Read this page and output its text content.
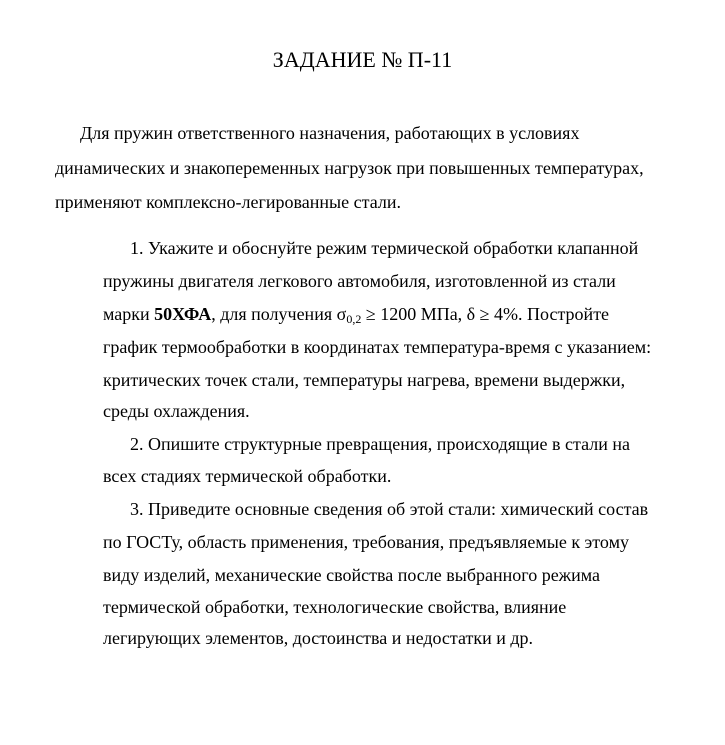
ЗАДАНИЕ № П-11
Для пружин ответственного назначения, работающих в условиях
динамических и знакопеременных нагрузок при повышенных температурах,
применяют комплексно-легированные стали.
1. Укажите и обоснуйте режим термической обработки клапанной
пружины двигателя легкового автомобиля, изготовленной из стали
марки 50ХФА, для получения $\sigma_{0,2} \ge 1200$ МПа, δ ≥ 4%. Постройте
график термообработки в координатах температура-время с указанием:
критических точек стали, температуры нагрева, времени выдержки,
среды охлаждения.
2. Опишите структурные превращения, происходящие в стали на
всех стадиях термической обработки.
3. Приведите основные сведения об этой стали: химический состав
по ГОСТу, область применения, требования, предъявляемые к этому
виду изделий, механические свойства после выбранного режима
термической обработки, технологические свойства, влияние
легирующих элементов, достоинства и недостатки и др.
